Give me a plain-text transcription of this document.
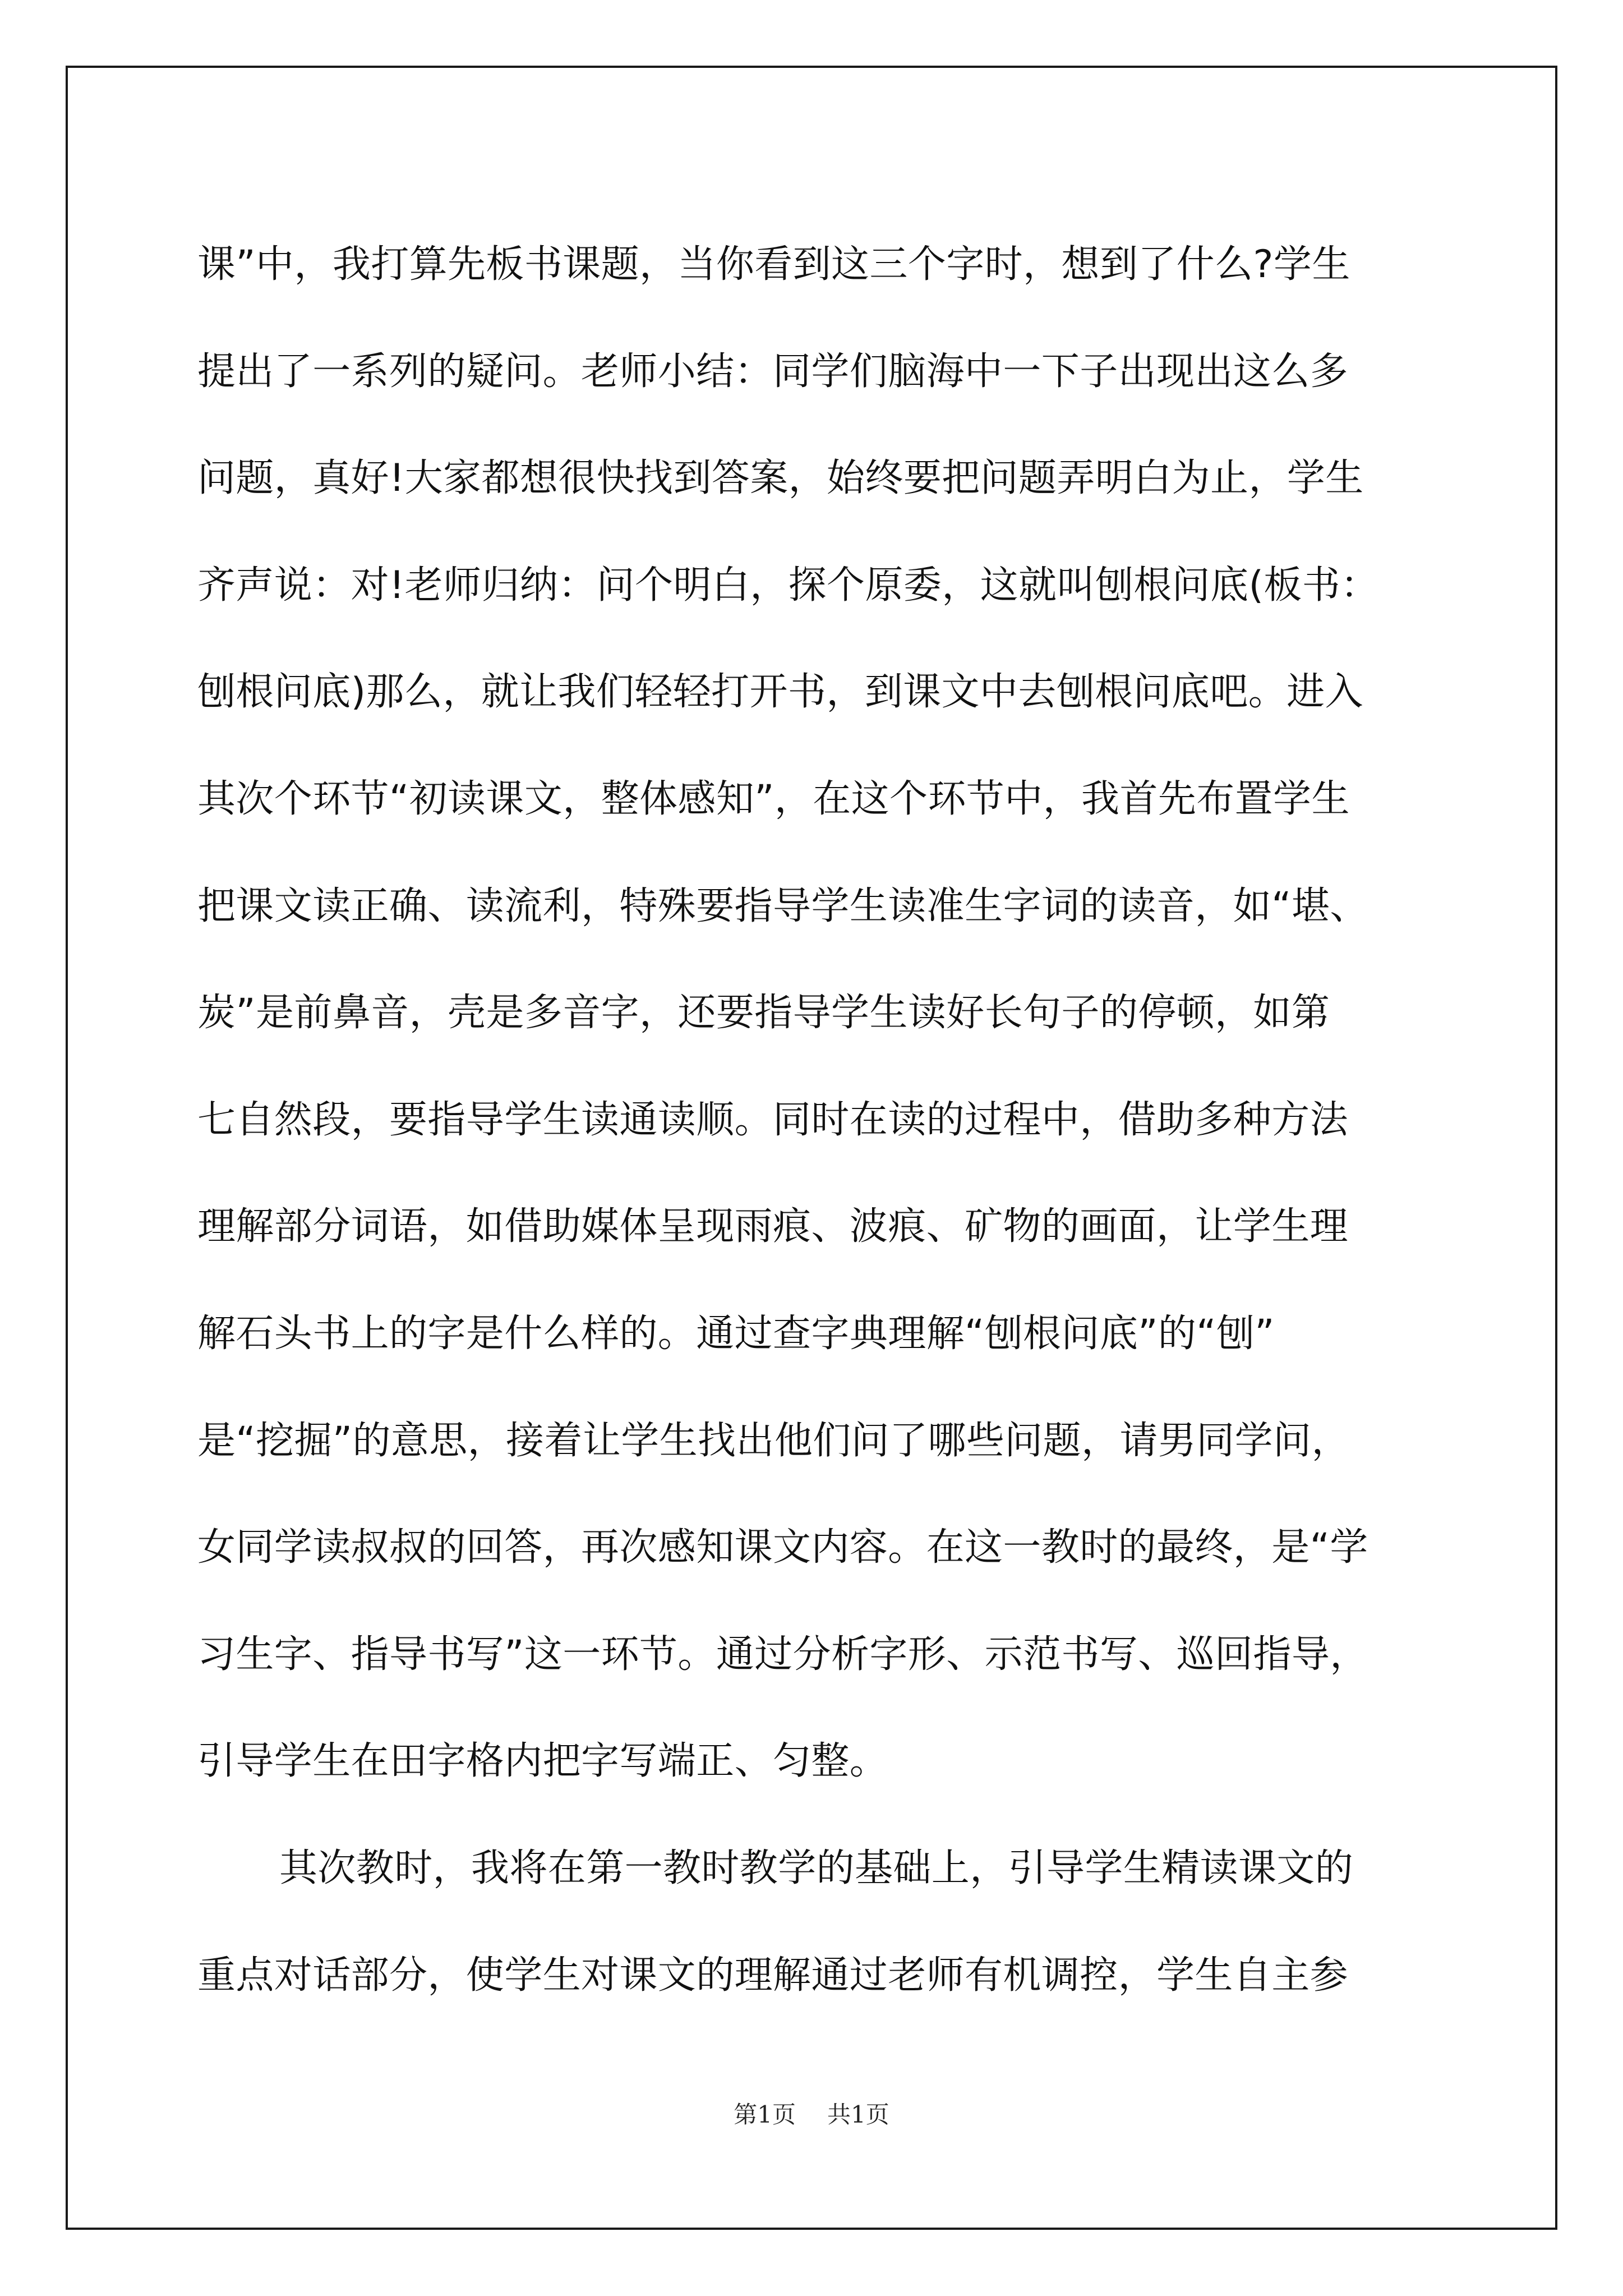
课”中，我打算先板书课题，当你看到这三个字时，想到了什么?学生
提出了一系列的疑问。老师小结：同学们脑海中一下子出现出这么多
问题，真好!大家都想很快找到答案，始终要把问题弄明白为止，学生
齐声说：对!老师归纳：问个明白，探个原委，这就叫刨根问底(板书：
刨根问底)那么，就让我们轻轻打开书，到课文中去刨根问底吧。进入
其次个环节“初读课文，整体感知”，在这个环节中，我首先布置学生
把课文读正确、读流利，特殊要指导学生读准生字词的读音，如“堪、
炭”是前鼻音，壳是多音字，还要指导学生读好长句子的停顿，如第
七自然段，要指导学生读通读顺。同时在读的过程中，借助多种方法
理解部分词语，如借助媒体呈现雨痕、波痕、矿物的画面，让学生理
解石头书上的字是什么样的。通过查字典理解“刨根问底”的“刨”
是“挖掘”的意思，接着让学生找出他们问了哪些问题，请男同学问，
女同学读叔叔的回答，再次感知课文内容。在这一教时的最终，是“学
习生字、指导书写”这一环节。通过分析字形、示范书写、巡回指导，
引导学生在田字格内把字写端正、匀整。
其次教时，我将在第一教时教学的基础上，引导学生精读课文的
重点对话部分，使学生对课文的理解通过老师有机调控，学生自主参
第1页 共1页
